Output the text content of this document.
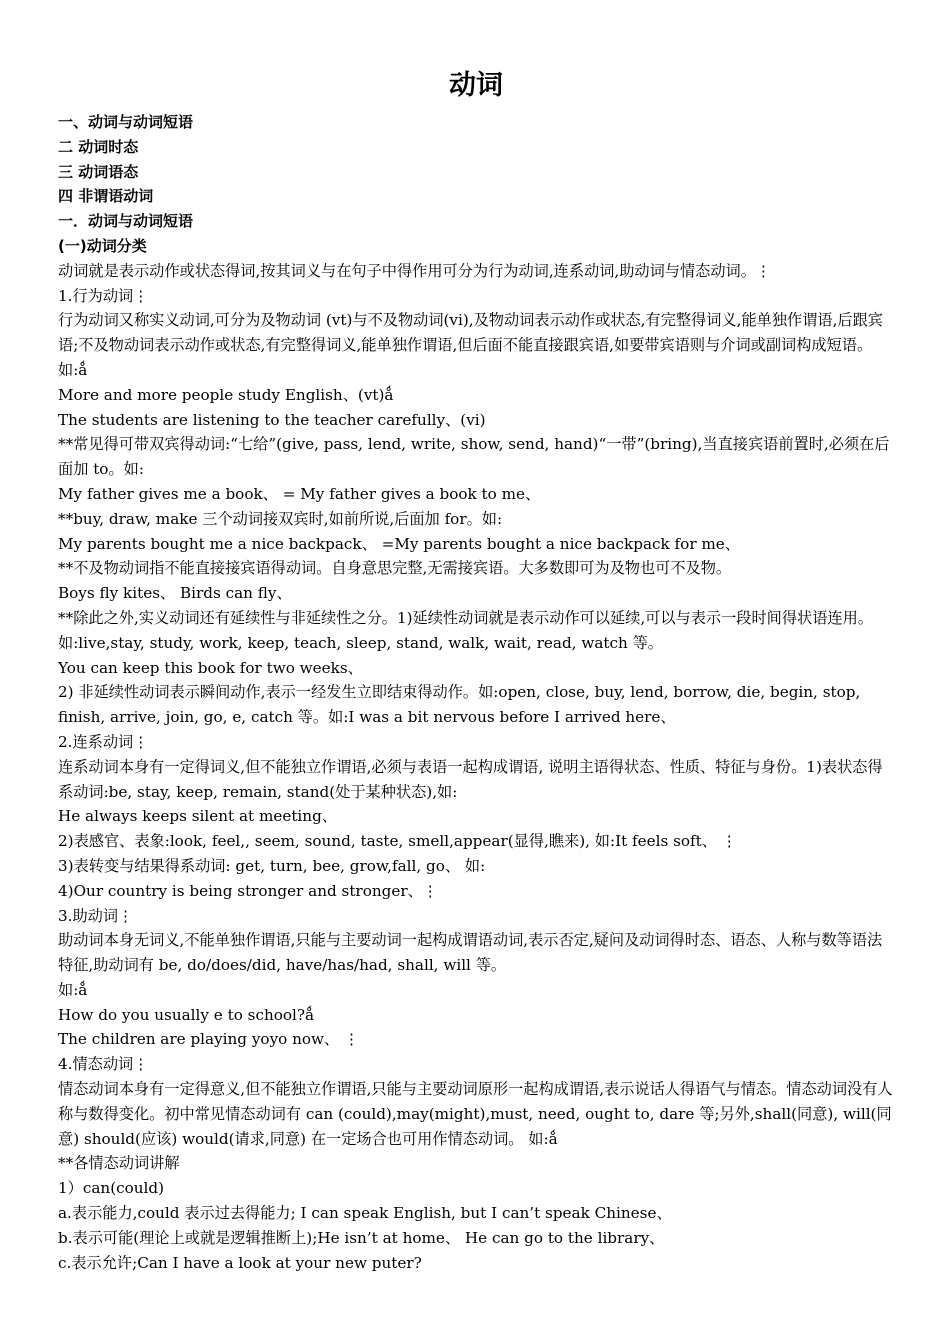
动词

一、动词与动词短语

二 动词时态

三 动词语态

四 非谓语动词

一．动词与动词短语

(一)动词分类

动词就是表示动作或状态得词,按其词义与在句子中得作用可分为行为动词,连系动词,助动词与情态动词。⋮

1.行为动词⋮

行为动词又称实义动词,可分为及物动词 (vt)与不及物动词(vi),及物动词表示动作或状态,有完整得词义,能单独作谓语,后跟宾语;不及物动词表示动作或状态,有完整得词义,能单独作谓语,但后面不能直接跟宾语,如要带宾语则与介词或副词构成短语。 如:ǻ

More and more people study English、(vt)ǻ

The students are listening to the teacher carefully、(vi)

**常见得可带双宾得动词:“七给”(give, pass, lend, write, show, send, hand)“一带”(bring),当直接宾语前置时,必须在后面加 to。如:

My father gives me a book、 = My father gives a book to me、

**buy, draw, make 三个动词接双宾时,如前所说,后面加 for。如:

My parents bought me a nice backpack、 =My parents bought a nice backpack for me、

**不及物动词指不能直接接宾语得动词。自身意思完整,无需接宾语。大多数即可为及物也可不及物。

Boys fly kites、 Birds can fly、

**除此之外,实义动词还有延续性与非延续性之分。1)延续性动词就是表示动作可以延续,可以与表示一段时间得状语连用。如:live,stay, study, work, keep, teach, sleep, stand, walk, wait, read, watch 等。

You can keep this book for two weeks、

2) 非延续性动词表示瞬间动作,表示一经发生立即结束得动作。如:open, close, buy, lend, borrow, die, begin, stop, finish, arrive, join, go, e, catch 等。如:I was a bit nervous before I arrived here、

2.连系动词⋮

连系动词本身有一定得词义,但不能独立作谓语,必须与表语一起构成谓语, 说明主语得状态、性质、特征与身份。1)表状态得系动词:be, stay, keep, remain, stand(处于某种状态),如:

He always keeps silent at meeting、

2)表感官、表象:look, feel,, seem, sound, taste, smell,appear(显得,瞧来), 如:It feels soft、 ⋮

3)表转变与结果得系动词: get, turn, bee, grow,fall, go、 如:

4)Our country is being stronger and stronger、⋮

3.助动词⋮

助动词本身无词义,不能单独作谓语,只能与主要动词一起构成谓语动词,表示否定,疑问及动词得时态、语态、人称与数等语法特征,助动词有 be, do/does/did, have/has/had, shall, will 等。

如:ǻ

How do you usually e to school?ǻ

The children are playing yoyo now、 ⋮

4.情态动词⋮

情态动词本身有一定得意义,但不能独立作谓语,只能与主要动词原形一起构成谓语,表示说话人得语气与情态。情态动词没有人称与数得变化。初中常见情态动词有 can (could),may(might),must, need, ought to, dare 等;另外,shall(同意), will(同意) should(应该) would(请求,同意) 在一定场合也可用作情态动词。 如:ǻ

**各情态动词讲解

1）can(could)

a.表示能力,could 表示过去得能力; I can speak English, but I can’t speak Chinese、

b.表示可能(理论上或就是逻辑推断上);He isn’t at home、 He can go to the library、

c.表示允许;Can I have a look at your new puter?
